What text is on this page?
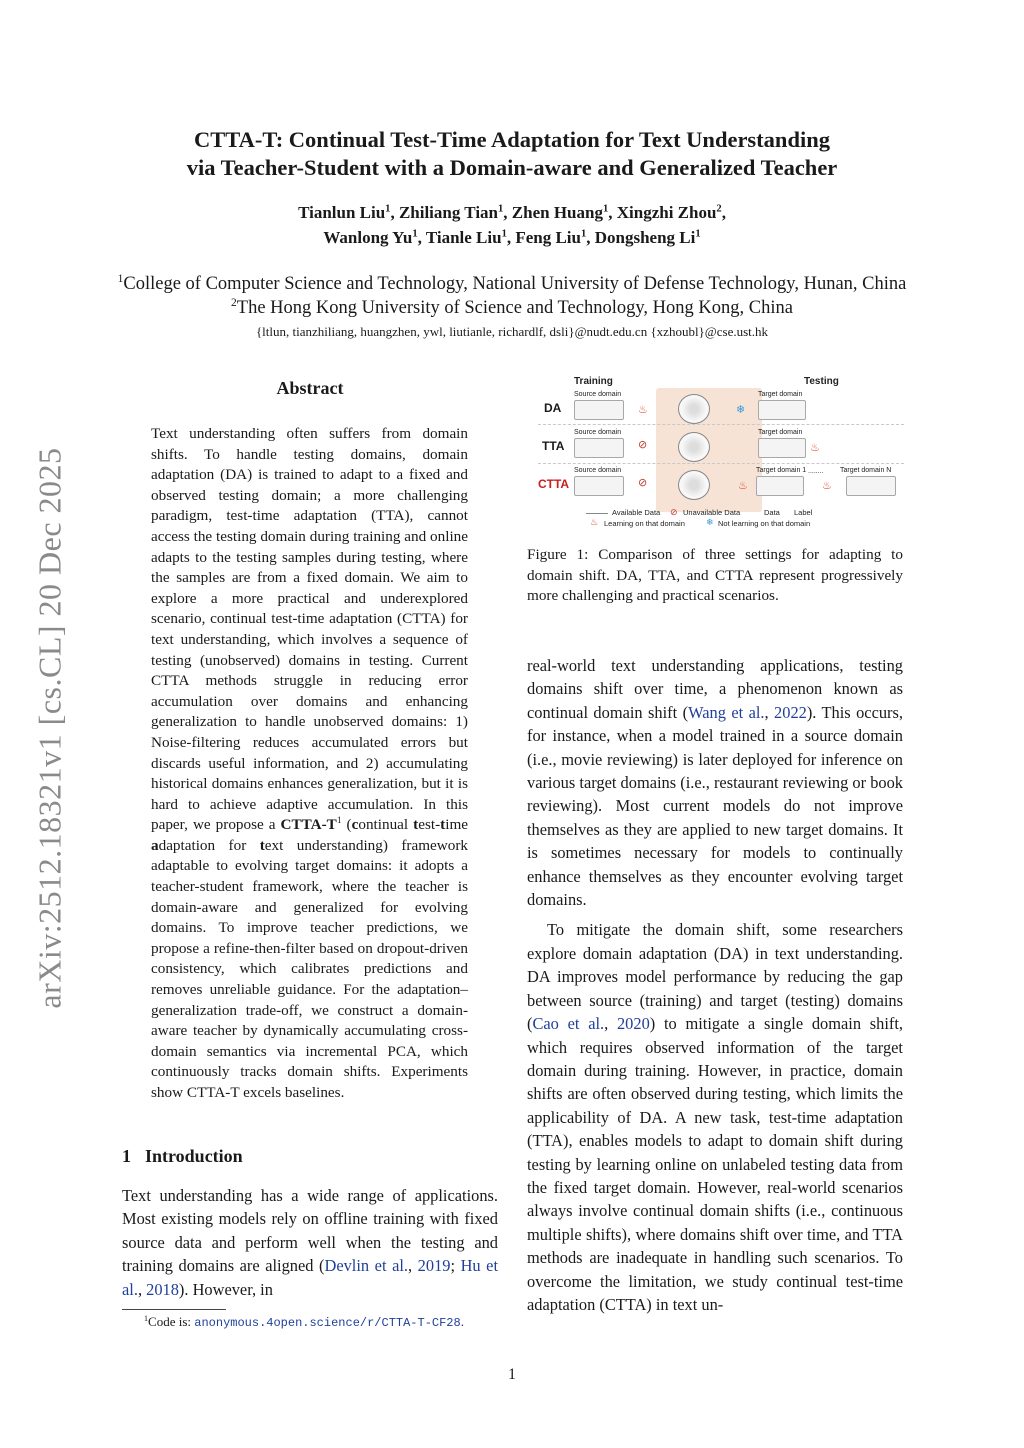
arXiv:2512.18321v1 [cs.CL] 20 Dec 2025
CTTA-T: Continual Test-Time Adaptation for Text Understanding
via Teacher-Student with a Domain-aware and Generalized Teacher
Tianlun Liu$^1$, Zhiliang Tian$^1$, Zhen Huang$^1$, Xingzhi Zhou$^2$,
Wanlong Yu$^1$, Tianle Liu$^1$, Feng Liu$^1$, Dongsheng Li$^1$
$^1$College of Computer Science and Technology, National University of Defense Technology, Hunan, China
$^2$The Hong Kong University of Science and Technology, Hong Kong, China
{ltlun, tianzhiliang, huangzhen, ywl, liutianle, richardlf, dsli}@nudt.edu.cn {xzhoubl}@cse.ust.hk
Abstract
Text understanding often suffers from domain shifts. To handle testing domains, domain adaptation (DA) is trained to adapt to a fixed and observed testing domain; a more challenging paradigm, test-time adaptation (TTA), cannot access the testing domain during training and online adapts to the testing samples during testing, where the samples are from a fixed domain. We aim to explore a more practical and underexplored scenario, continual test-time adaptation (CTTA) for text understanding, which involves a sequence of testing (unobserved) domains in testing. Current CTTA methods struggle in reducing error accumulation over domains and enhancing generalization to handle unobserved domains: 1) Noise-filtering reduces accumulated errors but discards useful information, and 2) accumulating historical domains enhances generalization, but it is hard to achieve adaptive accumulation. In this paper, we propose a CTTA-$T^1$ (continual test-time adaptation for text understanding) framework adaptable to evolving target domains: it adopts a teacher-student framework, where the teacher is domain-aware and generalized for evolving domains. To improve teacher predictions, we propose a refine-then-filter based on dropout-driven consistency, which calibrates predictions and removes unreliable guidance. For the adaptation–generalization trade-off, we construct a domain-aware teacher by dynamically accumulating cross-domain semantics via incremental PCA, which continuously tracks domain shifts. Experiments show CTTA-T excels baselines.
1 Introduction
Text understanding has a wide range of applications. Most existing models rely on offline training with fixed source data and perform well when the testing and training domains are aligned (Devlin et al., 2019; Hu et al., 2018). However, in
$^1$Code is: anonymous.4open.science/r/CTTA-T-CF28.
Training	Testing
DA
Source domain
♨	❄
Target domain
TTA
Source domain
⊘
Target domain
♨
CTTA
Source domain
⊘	♨
Target domain 1 ........
♨
Target domain N
Available Data ⊘ Unavailable Data	Data Label
♨ Learning on that domain ❄ Not learning on that domain
Figure 1: Comparison of three settings for adapting to domain shift. DA, TTA, and CTTA represent progressively more challenging and practical scenarios.

real-world text understanding applications, testing domains shift over time, a phenomenon known as continual domain shift (Wang et al., 2022). This occurs, for instance, when a model trained in a source domain (i.e., movie reviewing) is later deployed for inference on various target domains (i.e., restaurant reviewing or book reviewing). Most current models do not improve themselves as they are applied to new target domains. It is sometimes necessary for models to continually enhance themselves as they encounter evolving target domains.

To mitigate the domain shift, some researchers explore domain adaptation (DA) in text understanding. DA improves model performance by reducing the gap between source (training) and target (testing) domains (Cao et al., 2020) to mitigate a single domain shift, which requires observed information of the target domain during training. However, in practice, domain shifts are often observed during testing, which limits the applicability of DA. A new task, test-time adaptation (TTA), enables models to adapt to domain shift during testing by learning online on unlabeled testing data from the fixed target domain. However, real-world scenarios always involve continual domain shifts (i.e., continuous multiple shifts), where domains shift over time, and TTA methods are inadequate in handling such scenarios. To overcome the limitation, we study continual test-time adaptation (CTTA) in text un-

1
